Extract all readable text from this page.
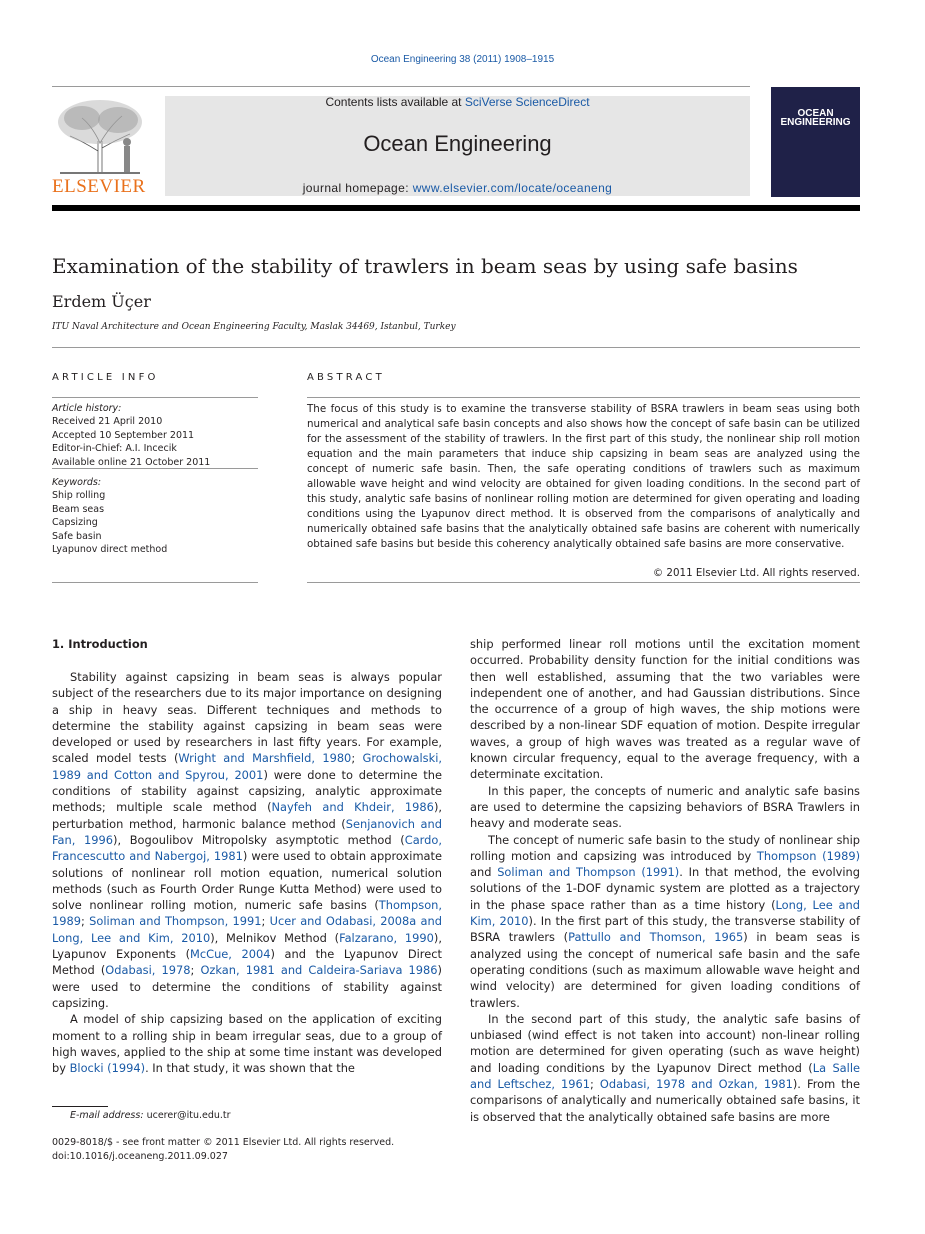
Ocean Engineering 38 (2011) 1908–1915
ELSEVIER
Contents lists available at SciVerse ScienceDirect
Ocean Engineering
journal homepage: www.elsevier.com/locate/oceaneng
OCEAN ENGINEERING
Examination of the stability of trawlers in beam seas by using safe basins
Erdem Üçer
ITU Naval Architecture and Ocean Engineering Faculty, Maslak 34469, Istanbul, Turkey
ARTICLE INFO
Article history:
Received 21 April 2010
Accepted 10 September 2011
Editor-in-Chief: A.I. Incecik
Available online 21 October 2011
Keywords:
Ship rolling
Beam seas
Capsizing
Safe basin
Lyapunov direct method
ABSTRACT
The focus of this study is to examine the transverse stability of BSRA trawlers in beam seas using both numerical and analytical safe basin concepts and also shows how the concept of safe basin can be utilized for the assessment of the stability of trawlers. In the first part of this study, the nonlinear ship roll motion equation and the main parameters that induce ship capsizing in beam seas are analyzed using the concept of numeric safe basin. Then, the safe operating conditions of trawlers such as maximum allowable wave height and wind velocity are obtained for given loading conditions. In the second part of this study, analytic safe basins of nonlinear rolling motion are determined for given operating and loading conditions using the Lyapunov direct method. It is observed from the comparisons of analytically and numerically obtained safe basins that the analytically obtained safe basins are coherent with numerically obtained safe basins but beside this coherency analytically obtained safe basins are more conservative.
© 2011 Elsevier Ltd. All rights reserved.
1. Introduction

Stability against capsizing in beam seas is always popular subject of the researchers due to its major importance on designing a ship in heavy seas. Different techniques and methods to determine the stability against capsizing in beam seas were developed or used by researchers in last fifty years. For example, scaled model tests (Wright and Marshfield, 1980; Grochowalski, 1989 and Cotton and Spyrou, 2001) were done to determine the conditions of stability against capsizing, analytic approximate methods; multiple scale method (Nayfeh and Khdeir, 1986), perturbation method, harmonic balance method (Senjanovich and Fan, 1996), Bogoulibov Mitropolsky asymptotic method (Cardo, Francescutto and Nabergoj, 1981) were used to obtain approximate solutions of nonlinear roll motion equation, numerical solution methods (such as Fourth Order Runge Kutta Method) were used to solve nonlinear rolling motion, numeric safe basins (Thompson, 1989; Soliman and Thompson, 1991; Ucer and Odabasi, 2008a and Long, Lee and Kim, 2010), Melnikov Method (Falzarano, 1990), Lyapunov Exponents (McCue, 2004) and the Lyapunov Direct Method (Odabasi, 1978; Ozkan, 1981 and Caldeira-Sariava 1986) were used to determine the conditions of stability against capsizing.

A model of ship capsizing based on the application of exciting moment to a rolling ship in beam irregular seas, due to a group of high waves, applied to the ship at some time instant was developed by Blocki (1994). In that study, it was shown that the

ship performed linear roll motions until the excitation moment occurred. Probability density function for the initial conditions was then well established, assuming that the two variables were independent one of another, and had Gaussian distributions. Since the occurrence of a group of high waves, the ship motions were described by a non-linear SDF equation of motion. Despite irregular waves, a group of high waves was treated as a regular wave of known circular frequency, equal to the average frequency, with a determinate excitation.

In this paper, the concepts of numeric and analytic safe basins are used to determine the capsizing behaviors of BSRA Trawlers in heavy and moderate seas.

The concept of numeric safe basin to the study of nonlinear ship rolling motion and capsizing was introduced by Thompson (1989) and Soliman and Thompson (1991). In that method, the evolving solutions of the 1-DOF dynamic system are plotted as a trajectory in the phase space rather than as a time history (Long, Lee and Kim, 2010). In the first part of this study, the transverse stability of BSRA trawlers (Pattullo and Thomson, 1965) in beam seas is analyzed using the concept of numerical safe basin and the safe operating conditions (such as maximum allowable wave height and wind velocity) are determined for given loading conditions of trawlers.

In the second part of this study, the analytic safe basins of unbiased (wind effect is not taken into account) non-linear rolling motion are determined for given operating (such as wave height) and loading conditions by the Lyapunov Direct method (La Salle and Leftschez, 1961; Odabasi, 1978 and Ozkan, 1981). From the comparisons of analytically and numerically obtained safe basins, it is observed that the analytically obtained safe basins are more

E-mail address: ucerer@itu.edu.tr
0029-8018/$ - see front matter © 2011 Elsevier Ltd. All rights reserved.
doi:10.1016/j.oceaneng.2011.09.027
